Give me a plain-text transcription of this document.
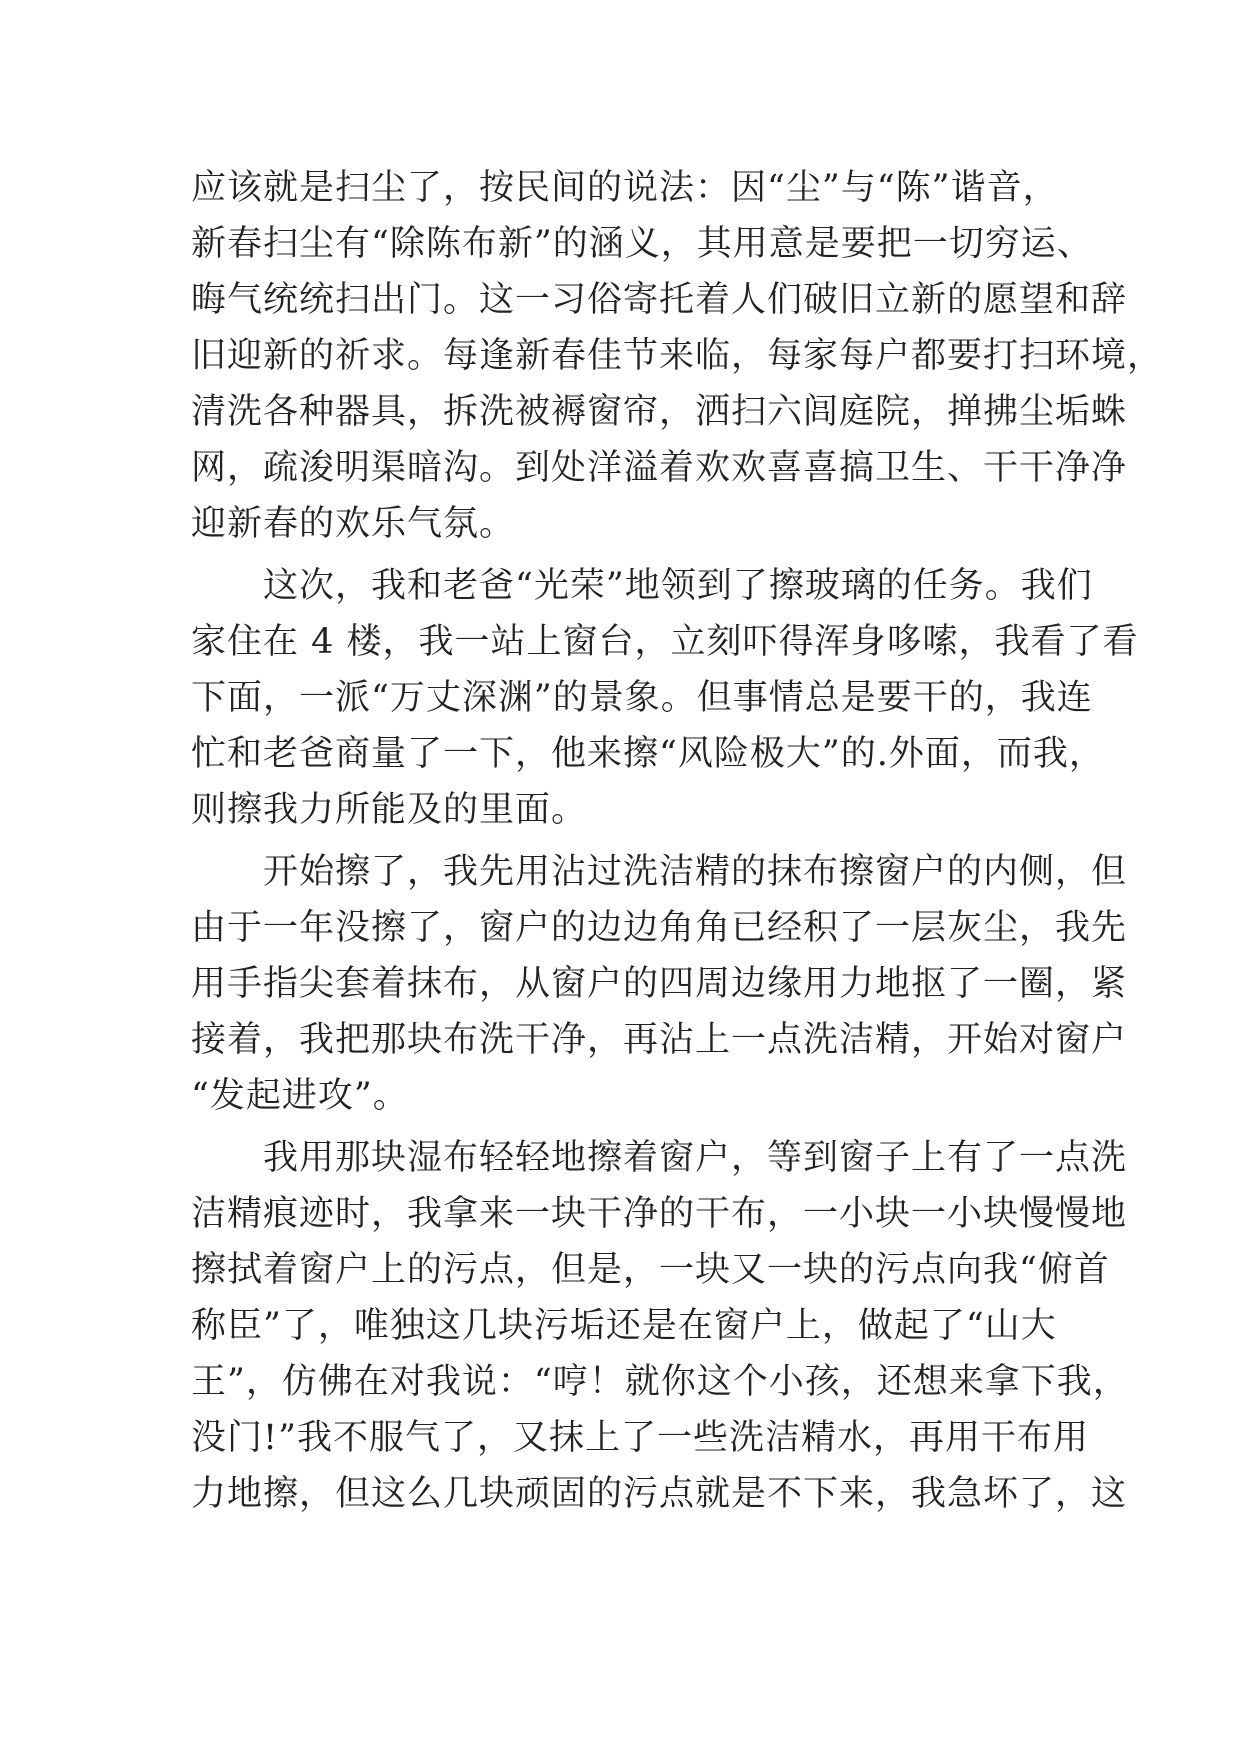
应该就是扫尘了，按民间的说法：因“尘”与“陈”谐音，
新春扫尘有“除陈布新”的涵义，其用意是要把一切穷运、
晦气统统扫出门。这一习俗寄托着人们破旧立新的愿望和辞
旧迎新的祈求。每逢新春佳节来临，每家每户都要打扫环境，
清洗各种器具，拆洗被褥窗帘，洒扫六闾庭院，掸拂尘垢蛛
网，疏浚明渠暗沟。到处洋溢着欢欢喜喜搞卫生、干干净净
迎新春的欢乐气氛。
　　这次，我和老爸“光荣”地领到了擦玻璃的任务。我们
家住在 4 楼，我一站上窗台，立刻吓得浑身哆嗦，我看了看
下面，一派“万丈深渊”的景象。但事情总是要干的，我连
忙和老爸商量了一下，他来擦“风险极大”的.外面，而我，
则擦我力所能及的里面。
　　开始擦了，我先用沾过洗洁精的抹布擦窗户的内侧，但
由于一年没擦了，窗户的边边角角已经积了一层灰尘，我先
用手指尖套着抹布，从窗户的四周边缘用力地抠了一圈，紧
接着，我把那块布洗干净，再沾上一点洗洁精，开始对窗户
“发起进攻”。
　　我用那块湿布轻轻地擦着窗户，等到窗子上有了一点洗
洁精痕迹时，我拿来一块干净的干布，一小块一小块慢慢地
擦拭着窗户上的污点，但是，一块又一块的污点向我“俯首
称臣”了，唯独这几块污垢还是在窗户上，做起了“山大
王”，仿佛在对我说：“哼！就你这个小孩，还想来拿下我，
没门!”我不服气了，又抹上了一些洗洁精水，再用干布用
力地擦，但这么几块顽固的污点就是不下来，我急坏了，这
